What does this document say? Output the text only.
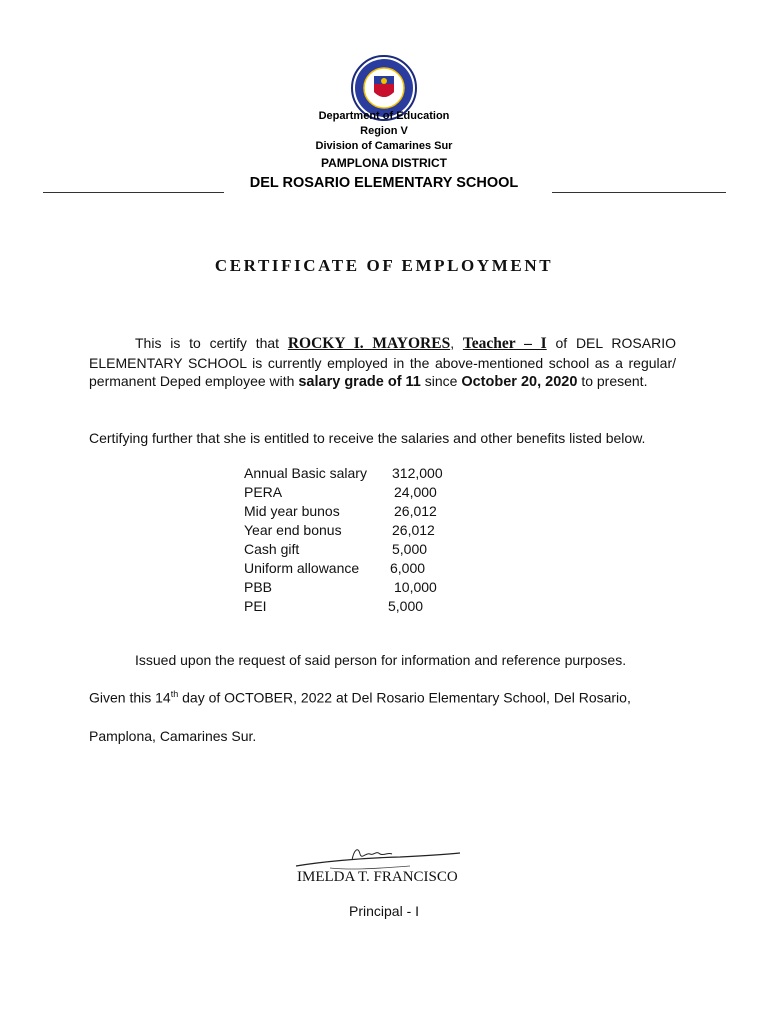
Department of Education
Region V
Division of Camarines Sur
PAMPLONA DISTRICT
DEL ROSARIO ELEMENTARY SCHOOL
CERTIFICATE OF EMPLOYMENT
This is to certify that ROCKY I. MAYORES, Teacher – I of DEL ROSARIO ELEMENTARY SCHOOL is currently employed in the above-mentioned school as a regular/ permanent Deped employee with salary grade of 11 since October 20, 2020 to present.
Certifying further that she is entitled to receive the salaries and other benefits listed below.
Annual Basic salary 312,000
PERA	24,000
Mid year bunos	26,012
Year end bonus	26,012
Cash gift	5,000
Uniform allowance 6,000
PBB	10,000
PEI	5,000
Issued upon the request of said person for information and reference purposes.
Given this 14th day of OCTOBER, 2022 at Del Rosario Elementary School, Del Rosario,
Pamplona, Camarines Sur.
IMELDA T. FRANCISCO
Principal - I
